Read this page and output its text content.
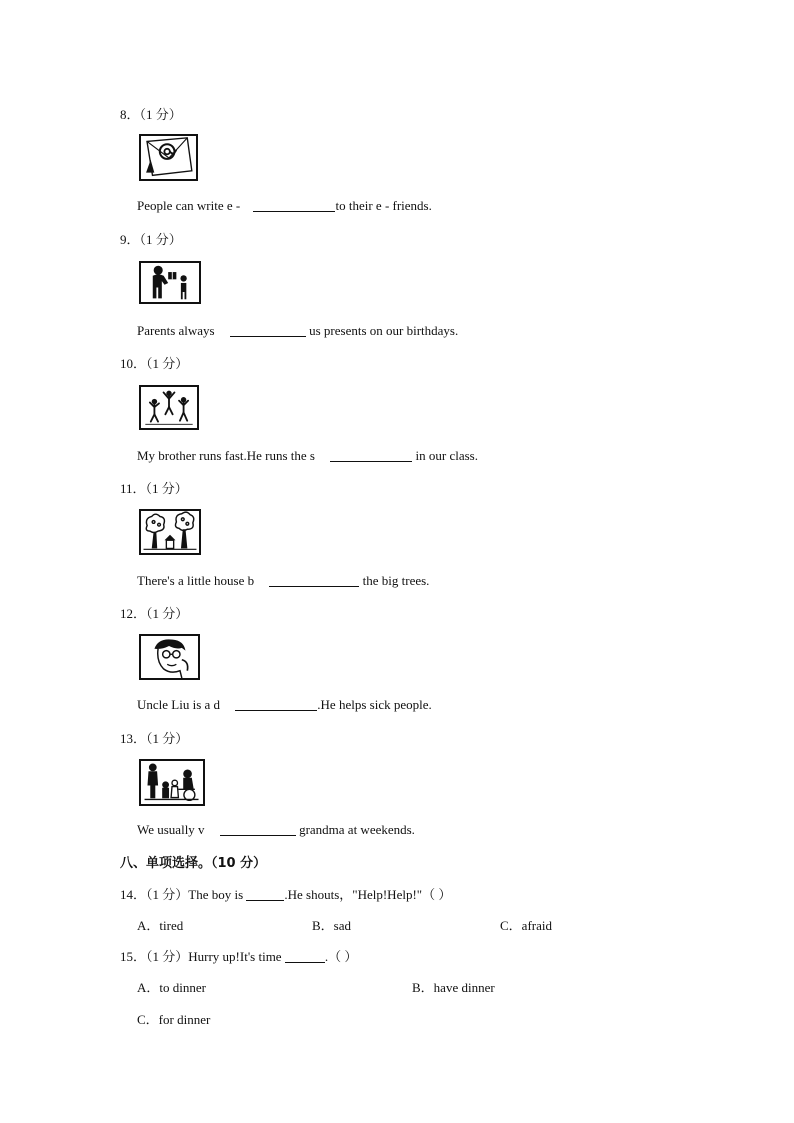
8．（1 分）
People can write e -	to their e - friends.
9．（1 分）
Parents always	us presents on our birthdays.
10．（1 分）
My brother runs fast.He runs the s	in our class.
11．（1 分）
There's a little house b	the big trees.
12．（1 分）
Uncle Liu is a d	.He helps sick people.
13．（1 分）
We usually v	grandma at weekends.
八、单项选择。（10 分）
14．（1 分）The boy is	.He shouts，"Help!Help!"（ ）
A．tired	B．sad	C．afraid
15．（1 分）Hurry up!It's time	.（ ）
A．to dinner	B．have dinner
C．for dinner
